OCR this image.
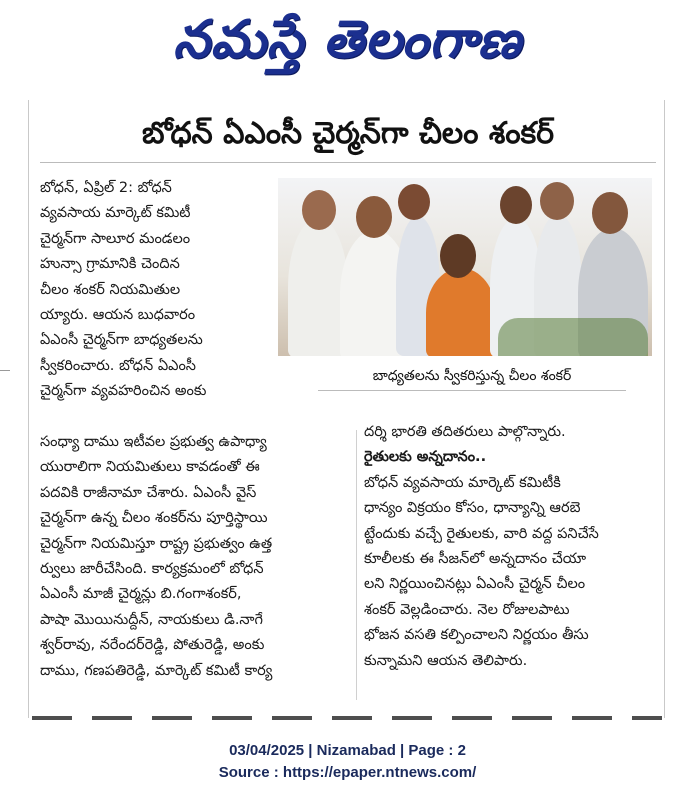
నమస్తే తెలంగాణ
బోధన్ ఏఎంసీ చైర్మన్‌గా చీలం శంకర్
బోధన్, ఏప్రిల్ 2: బోధన్
వ్యవసాయ మార్కెట్ కమిటీ
చైర్మన్‌గా సాలూర మండలం
హున్సా గ్రామానికి చెందిన
చీలం శంకర్ నియమితుల
య్యారు. ఆయన బుధవారం
ఏఎంసీ చైర్మన్‌గా బాధ్యతలను
స్వీకరించారు. బోధన్ ఏఎంసీ
చైర్మన్‌గా వ్యవహరించిన అంకు
బాధ్యతలను స్వీకరిస్తున్న చీలం శంకర్
సంధ్యా దాము ఇటీవల ప్రభుత్వ ఉపాధ్యా
యురాలిగా నియమితులు కావడంతో ఈ
పదవికి రాజీనామా చేశారు. ఏఎంసీ వైస్
చైర్మన్‌గా ఉన్న చీలం శంకర్‌ను పూర్తిస్థాయి
చైర్మన్‌గా నియమిస్తూ రాష్ట్ర ప్రభుత్వం ఉత్త
ర్వులు జారీచేసింది. కార్యక్రమంలో బోధన్
ఏఎంసీ మాజీ చైర్మన్లు బి.గంగాశంకర్,
పాషా మొయినుద్దీన్, నాయకులు డి.నాగే
శ్వర్‌రావు, నరేందర్‌రెడ్డి, పోతురెడ్డి, అంకు
దాము, గణపతిరెడ్డి, మార్కెట్ కమిటీ కార్య
దర్శి భారతి తదితరులు పాల్గొన్నారు.
రైతులకు అన్నదానం..
బోధన్ వ్యవసాయ మార్కెట్ కమిటీకి
ధాన్యం విక్రయం కోసం, ధాన్యాన్ని ఆరబె
ట్టేందుకు వచ్చే రైతులకు, వారి వద్ద పనిచేసే
కూలీలకు ఈ సీజన్‌లో అన్నదానం చేయా
లని నిర్ణయించినట్లు ఏఎంసీ చైర్మన్ చీలం
శంకర్ వెల్లడించారు. నెల రోజులపాటు
భోజన వసతి కల్పించాలని నిర్ణయం తీసు
కున్నామని ఆయన తెలిపారు.
03/04/2025 | Nizamabad | Page : 2
Source : https://epaper.ntnews.com/
